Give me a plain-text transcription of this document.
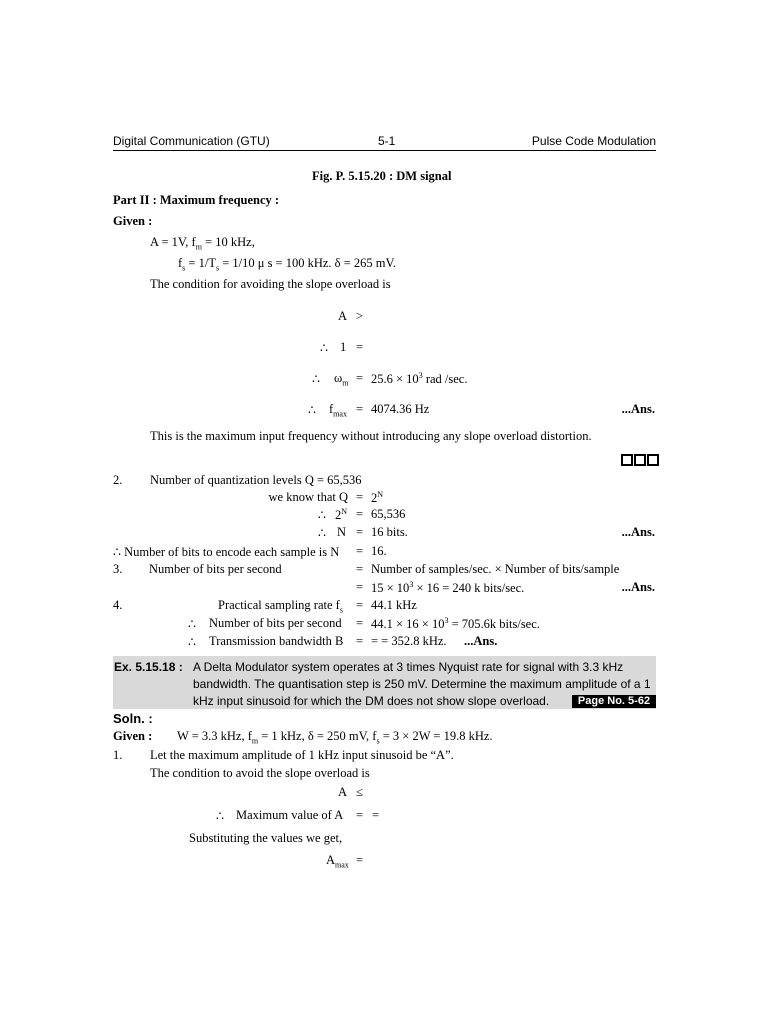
Digital Communication (GTU)	5-1	Pulse Code Modulation
Fig. P. 5.15.20 : DM signal
Part II : Maximum frequency :
Given :
A = 1V, $f_m = 10$ kHz,
$f_s = 1/T_s = 1/10$ μ s = 100 kHz. δ = 265 mV.
The condition for avoiding the slope overload is
A >
∴ 1 =
∴ $\omega_m = 25.6 \times 10^3$ rad /sec.
∴ $f_{max} = 4074.36$ Hz	...Ans.
This is the maximum input frequency without introducing any slope overload distortion.
2. Number of quantization levels Q = 65,536
we know that $Q = 2^N$
∴ $2^N = 65,536$
∴ N = 16 bits.	...Ans.
∴ Number of bits to encode each sample is N = 16.
3. Number of bits per second	= Number of samples/sec. × Number of bits/sample
= $15 \times 10^3 \times 16 = 240$ k bits/sec.	...Ans.
4.	Practical sampling rate $f_s = 44.1$ kHz
∴ Number of bits per second = $44.1 \times 16 \times 10^3 = 705.6k$ bits/sec.
∴ Transmission bandwidth B = = = 352.8 kHz. ...Ans.
Ex. 5.15.18 : A Delta Modulator system operates at 3 times Nyquist rate for signal with 3.3 kHz
bandwidth. The quantisation step is 250 mV. Determine the maximum amplitude of a 1
kHz input sinusoid for which the DM does not show slope overload.	Page No. 5-62
Soln. :
Given : W = 3.3 kHz, $f_m = 1$ kHz, δ = 250 mV, $f_s = 3 \times 2W = 19.8$ kHz.
1. Let the maximum amplitude of 1 kHz input sinusoid be “A”.
The condition to avoid the slope overload is
A ≤
∴ Maximum value of A = =
Substituting the values we get,
$A_{max}$ =
